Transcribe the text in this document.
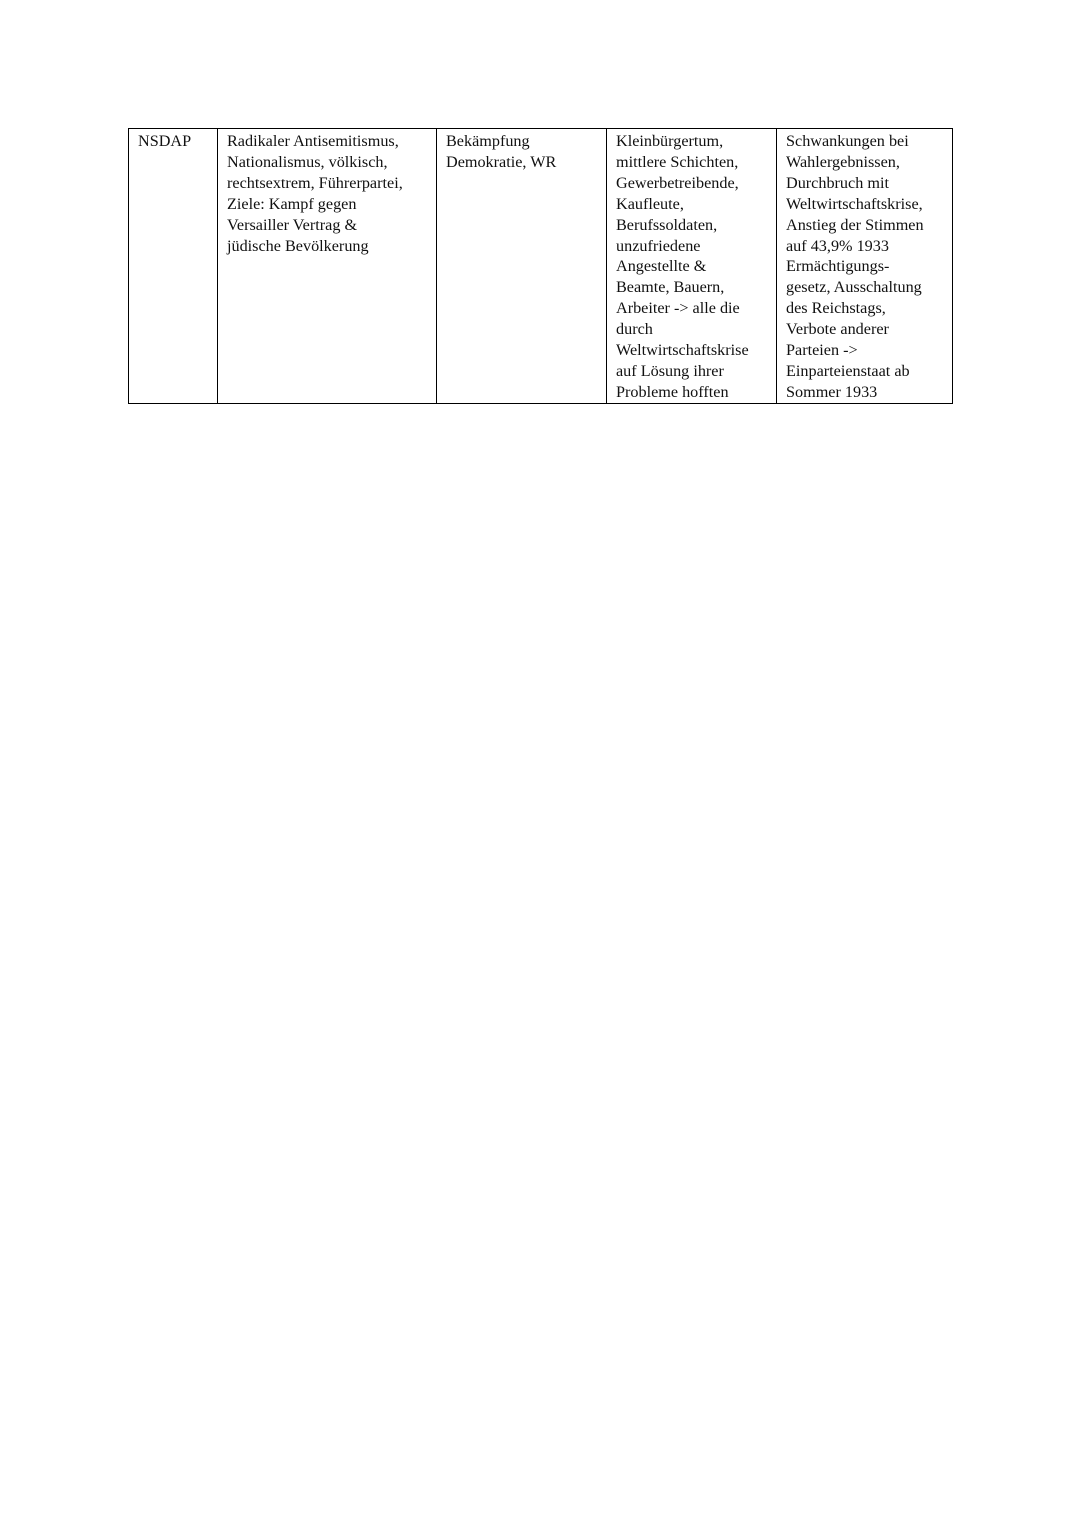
NSDAP	Radikaler Antisemitismus,
Nationalismus, völkisch,
rechtsextrem, Führerpartei,
Ziele: Kampf gegen
Versailler Vertrag &
jüdische Bevölkerung

Bekämpfung
Demokratie, WR

Kleinbürgertum,
mittlere Schichten,
Gewerbetreibende,
Kaufleute,
Berufssoldaten,
unzufriedene
Angestellte &
Beamte, Bauern,
Arbeiter -> alle die
durch
Weltwirtschaftskrise
auf Lösung ihrer
Probleme hofften

Schwankungen bei
Wahlergebnissen,
Durchbruch mit
Weltwirtschaftskrise,
Anstieg der Stimmen
auf 43,9% 1933
Ermächtigungs-
gesetz, Ausschaltung
des Reichstags,
Verbote anderer
Parteien ->
Einparteienstaat ab
Sommer 1933
